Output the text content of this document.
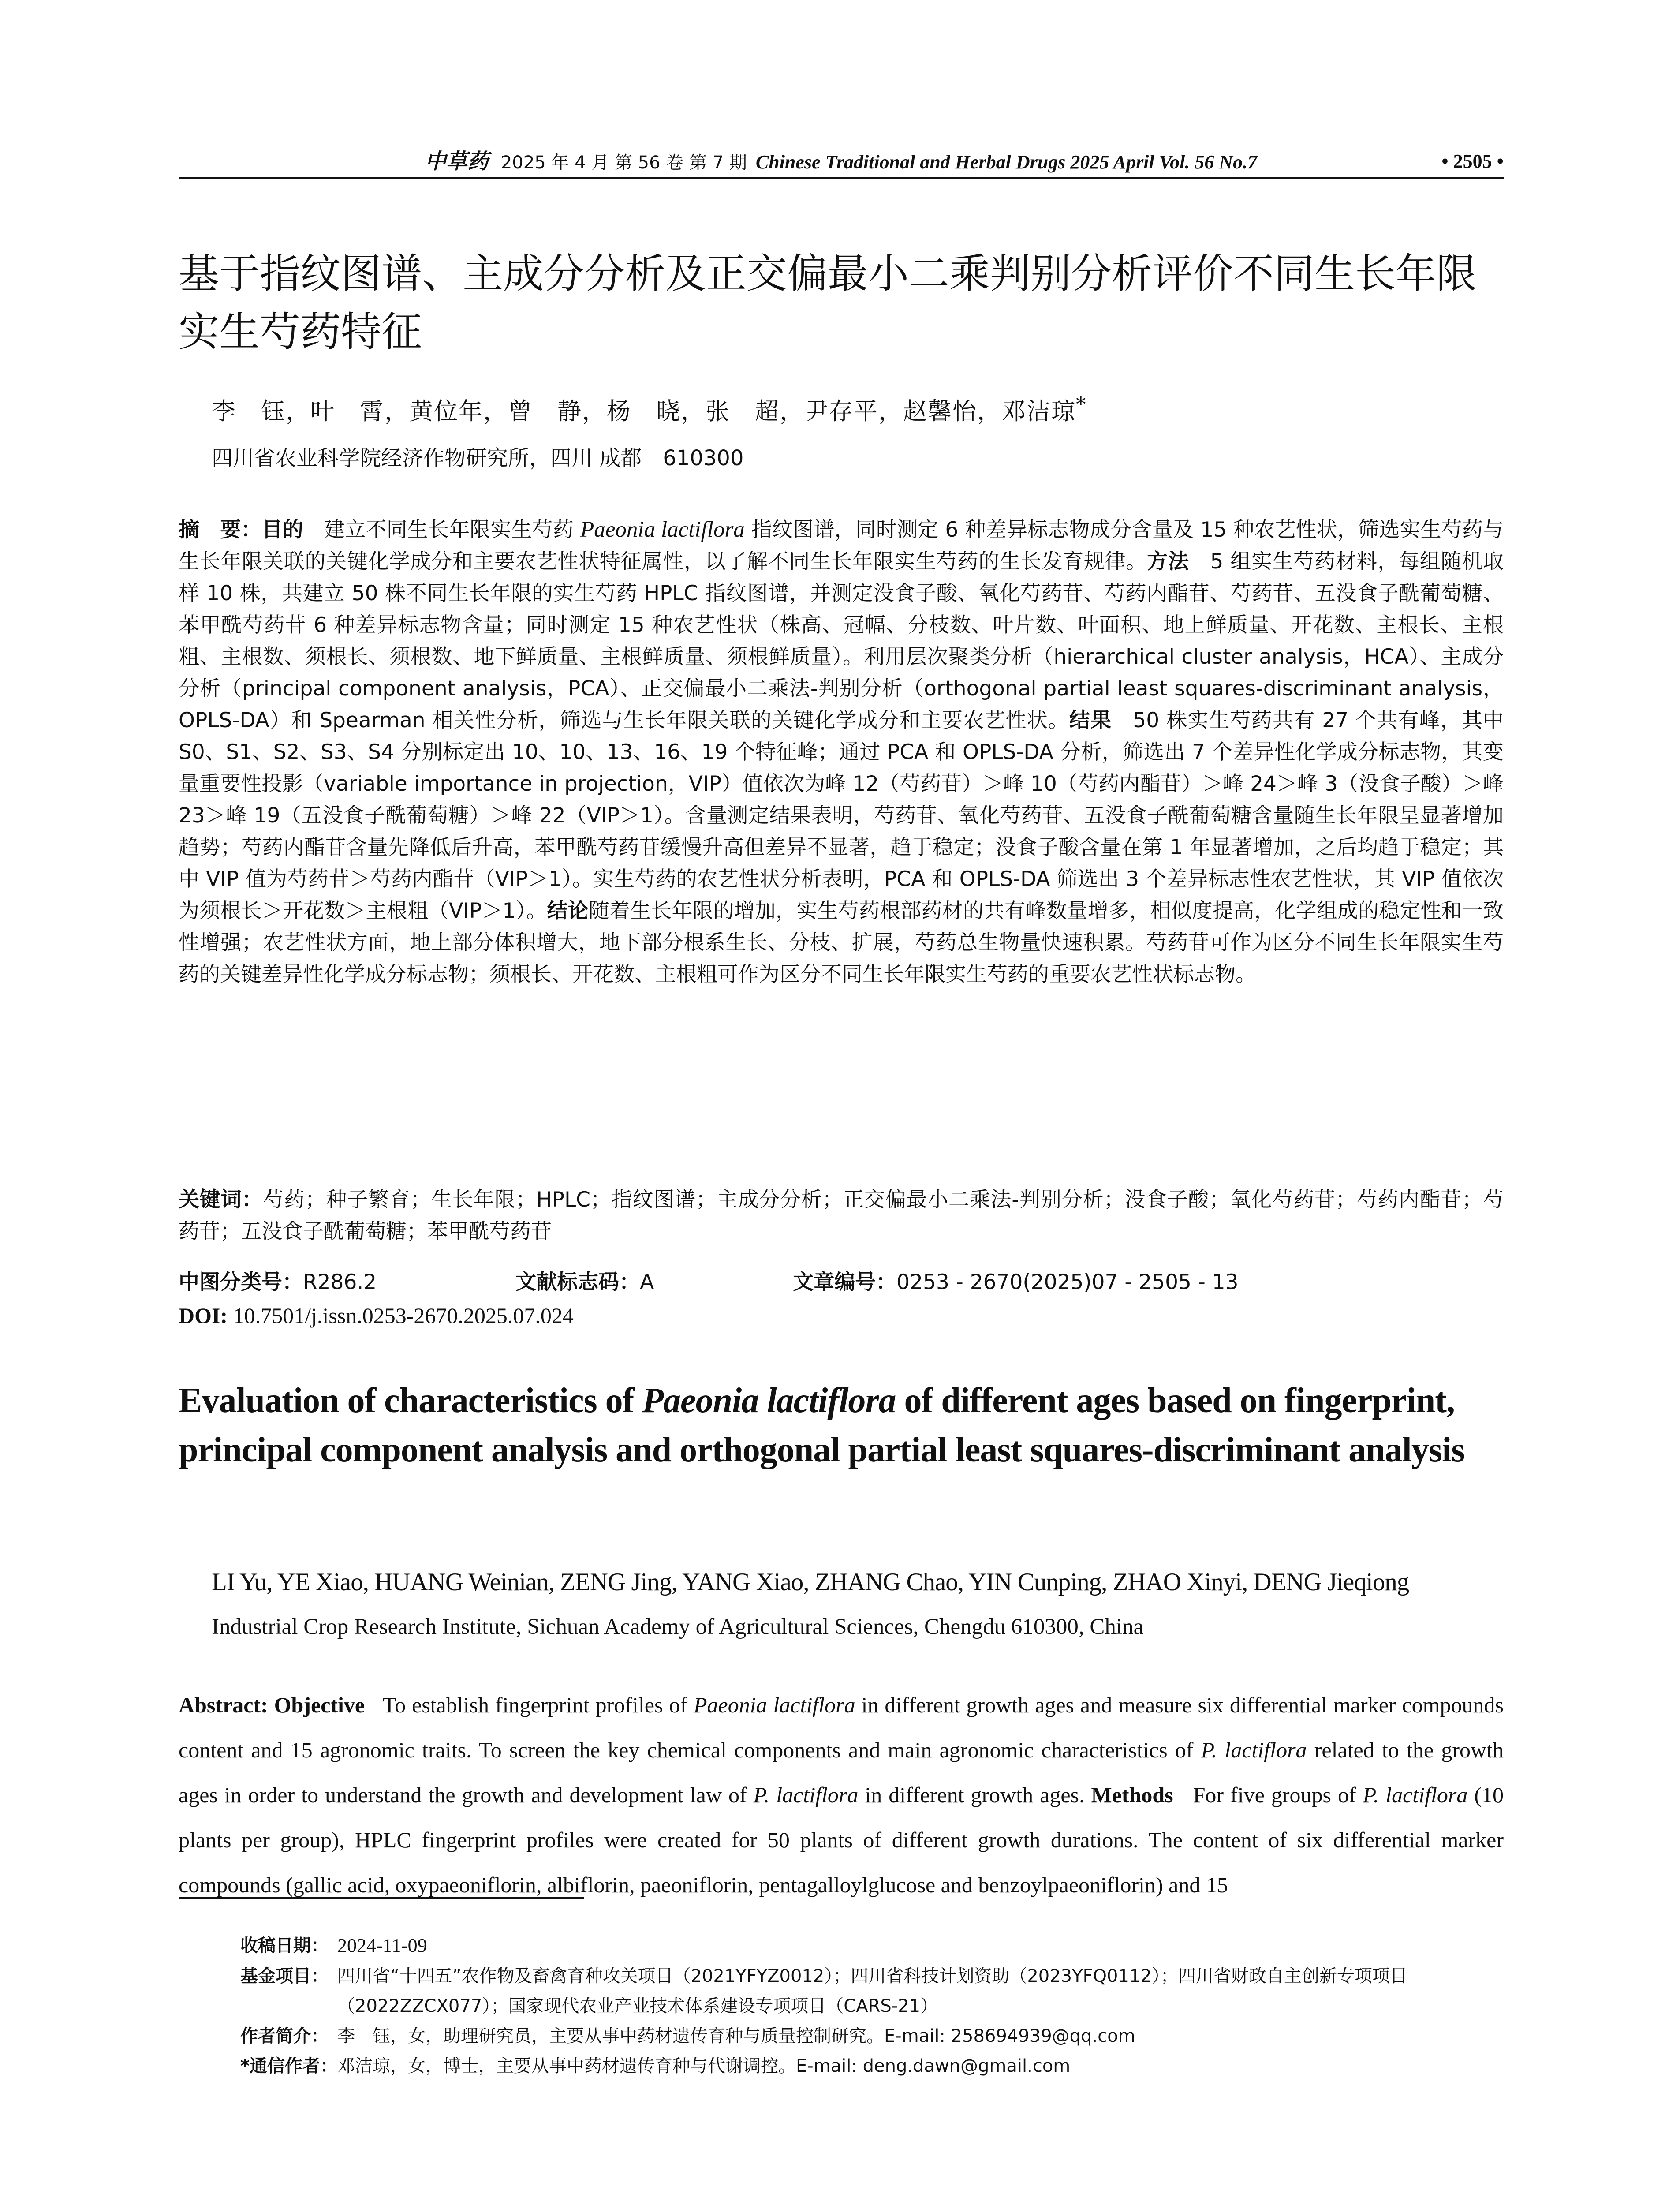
中草药 2025 年 4 月 第 56 卷 第 7 期 Chinese Traditional and Herbal Drugs 2025 April Vol. 56 No.7	• 2505 •
基于指纹图谱、主成分分析及正交偏最小二乘判别分析评价不同生长年限
实生芍药特征
李　钰，叶　霄，黄位年，曾　静，杨　晓，张　超，尹存平，赵馨怡，邓洁琼*
四川省农业科学院经济作物研究所，四川 成都　610300
摘　要：目的　建立不同生长年限实生芍药 Paeonia lactiflora 指纹图谱，同时测定 6 种差异标志物成分含量及 15 种农艺性状，筛选实生芍药与生长年限关联的关键化学成分和主要农艺性状特征属性，以了解不同生长年限实生芍药的生长发育规律。方法　5 组实生芍药材料，每组随机取样 10 株，共建立 50 株不同生长年限的实生芍药 HPLC 指纹图谱，并测定没食子酸、氧化芍药苷、芍药内酯苷、芍药苷、五没食子酰葡萄糖、苯甲酰芍药苷 6 种差异标志物含量；同时测定 15 种农艺性状（株高、冠幅、分枝数、叶片数、叶面积、地上鲜质量、开花数、主根长、主根粗、主根数、须根长、须根数、地下鲜质量、主根鲜质量、须根鲜质量）。利用层次聚类分析（hierarchical cluster analysis，HCA）、主成分分析（principal component analysis，PCA）、正交偏最小二乘法-判别分析（orthogonal partial least squares-discriminant analysis，OPLS-DA）和 Spearman 相关性分析，筛选与生长年限关联的关键化学成分和主要农艺性状。结果　50 株实生芍药共有 27 个共有峰，其中 S0、S1、S2、S3、S4 分别标定出 10、10、13、16、19 个特征峰；通过 PCA 和 OPLS-DA 分析，筛选出 7 个差异性化学成分标志物，其变量重要性投影（variable importance in projection，VIP）值依次为峰 12（芍药苷）＞峰 10（芍药内酯苷）＞峰 24＞峰 3（没食子酸）＞峰 23＞峰 19（五没食子酰葡萄糖）＞峰 22（VIP＞1）。含量测定结果表明，芍药苷、氧化芍药苷、五没食子酰葡萄糖含量随生长年限呈显著增加趋势；芍药内酯苷含量先降低后升高，苯甲酰芍药苷缓慢升高但差异不显著，趋于稳定；没食子酸含量在第 1 年显著增加，之后均趋于稳定；其中 VIP 值为芍药苷＞芍药内酯苷（VIP＞1）。实生芍药的农艺性状分析表明，PCA 和 OPLS-DA 筛选出 3 个差异标志性农艺性状，其 VIP 值依次为须根长＞开花数＞主根粗（VIP＞1）。结论随着生长年限的增加，实生芍药根部药材的共有峰数量增多，相似度提高，化学组成的稳定性和一致性增强；农艺性状方面，地上部分体积增大，地下部分根系生长、分枝、扩展，芍药总生物量快速积累。芍药苷可作为区分不同生长年限实生芍药的关键差异性化学成分标志物；须根长、开花数、主根粗可作为区分不同生长年限实生芍药的重要农艺性状标志物。
关键词：芍药；种子繁育；生长年限；HPLC；指纹图谱；主成分分析；正交偏最小二乘法-判别分析；没食子酸；氧化芍药苷；芍药内酯苷；芍药苷；五没食子酰葡萄糖；苯甲酰芍药苷
中图分类号：R286.2	文献标志码：A	文章编号：0253 - 2670(2025)07 - 2505 - 13
DOI: 10.7501/j.issn.0253-2670.2025.07.024
Evaluation of characteristics of Paeonia lactiflora of different ages based on fingerprint, principal component analysis and orthogonal partial least squares-discriminant analysis
LI Yu, YE Xiao, HUANG Weinian, ZENG Jing, YANG Xiao, ZHANG Chao, YIN Cunping, ZHAO Xinyi, DENG Jieqiong
Industrial Crop Research Institute, Sichuan Academy of Agricultural Sciences, Chengdu 610300, China
Abstract: Objective   To establish fingerprint profiles of Paeonia lactiflora in different growth ages and measure six differential marker compounds content and 15 agronomic traits. To screen the key chemical components and main agronomic characteristics of P. lactiflora related to the growth ages in order to understand the growth and development law of P. lactiflora in different growth ages. Methods   For five groups of P. lactiflora (10 plants per group), HPLC fingerprint profiles were created for 50 plants of different growth durations. The content of six differential marker compounds (gallic acid, oxypaeoniflorin, albiflorin, paeoniflorin, pentagalloylglucose and benzoylpaeoniflorin) and 15
收稿日期： 2024-11-09
基金项目： 四川省“十四五”农作物及畜禽育种攻关项目（2021YFYZ0012）；四川省科技计划资助（2023YFQ0112）；四川省财政自主创新专项项目（2022ZZCX077）；国家现代农业产业技术体系建设专项项目（CARS-21）
作者简介： 李　钰，女，助理研究员，主要从事中药材遗传育种与质量控制研究。E-mail: 258694939@qq.com
*通信作者： 邓洁琼，女，博士，主要从事中药材遗传育种与代谢调控。E-mail: deng.dawn@gmail.com
